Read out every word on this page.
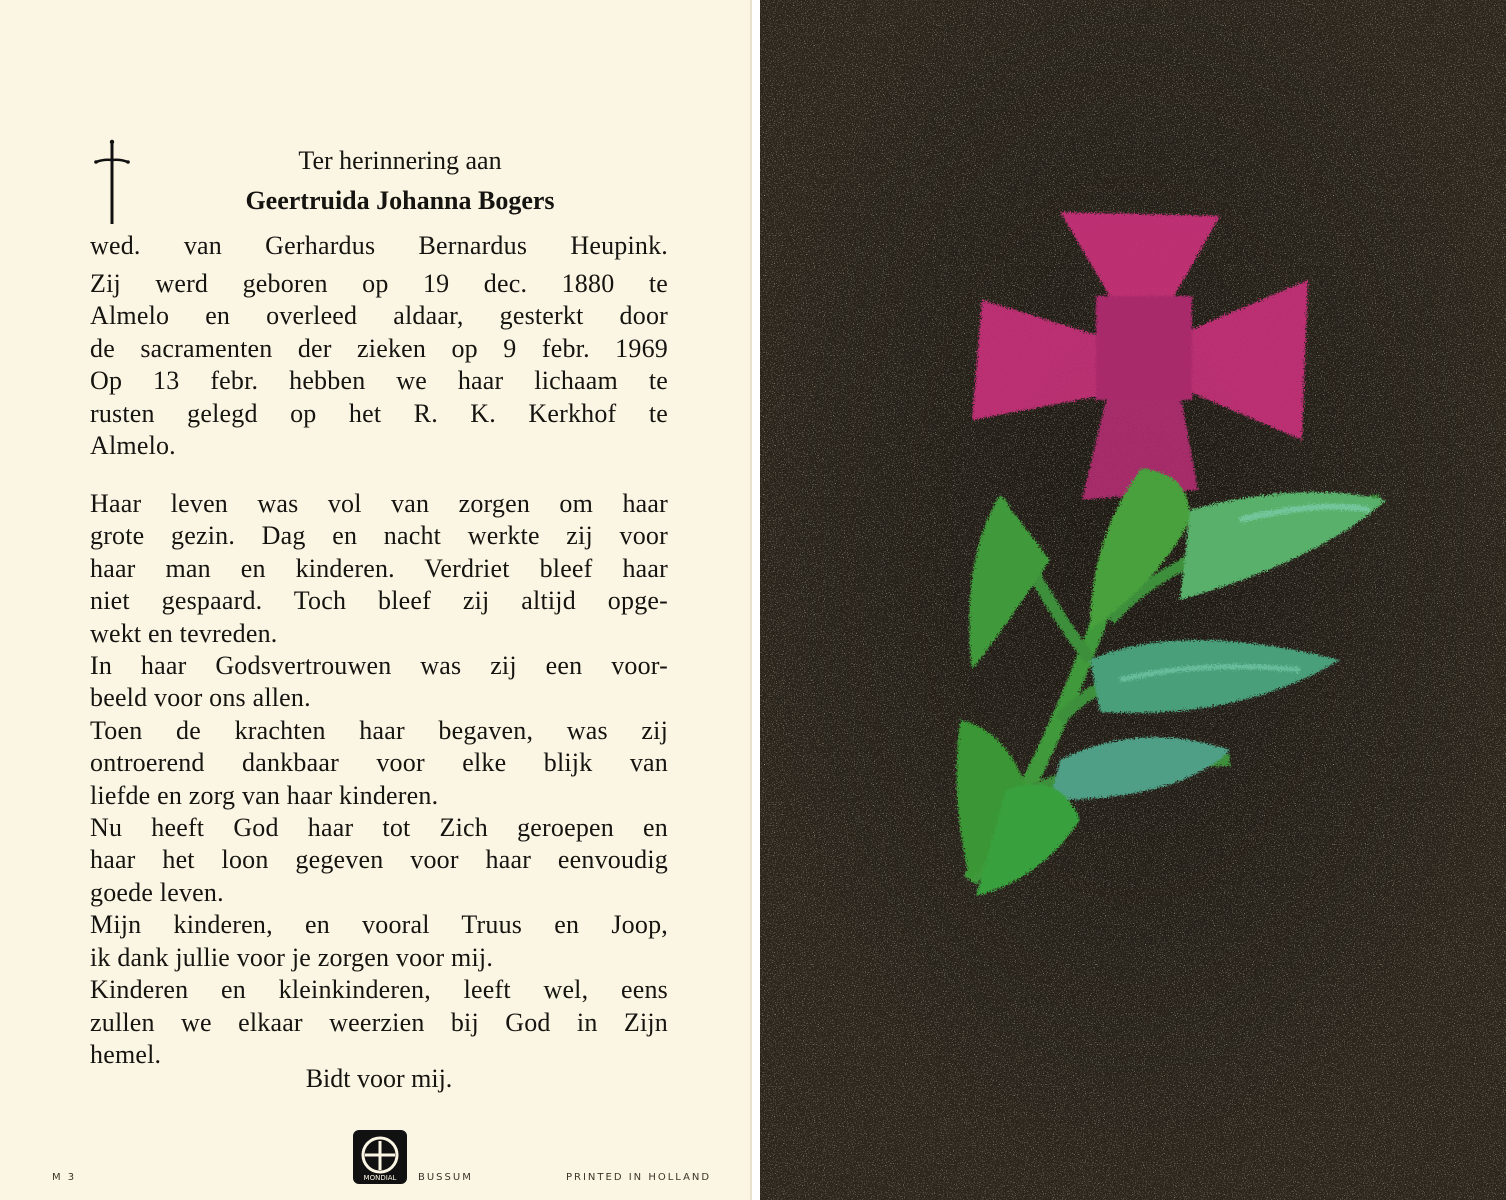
Ter herinnering aan
Geertruida Johanna Bogers
wed. van Gerhardus Bernardus Heupink.
Zij werd geboren op 19 dec. 1880 te
Almelo en overleed aldaar, gesterkt door
de sacramenten der zieken op 9 febr. 1969
Op 13 febr. hebben we haar lichaam te
rusten gelegd op het R. K. Kerkhof te
Almelo.
Haar leven was vol van zorgen om haar
grote gezin. Dag en nacht werkte zij voor
haar man en kinderen. Verdriet bleef haar
niet gespaard. Toch bleef zij altijd opge-
wekt en tevreden.
In haar Godsvertrouwen was zij een voor-
beeld voor ons allen.
Toen de krachten haar begaven, was zij
ontroerend dankbaar voor elke blijk van
liefde en zorg van haar kinderen.
Nu heeft God haar tot Zich geroepen en
haar het loon gegeven voor haar eenvoudig
goede leven.
Mijn kinderen, en vooral Truus en Joop,
ik dank jullie voor je zorgen voor mij.
Kinderen en kleinkinderen, leeft wel, eens
zullen we elkaar weerzien bij God in Zijn
hemel.
Bidt voor mij.
M 3	MONDIAL BUSSUM	PRINTED IN HOLLAND
